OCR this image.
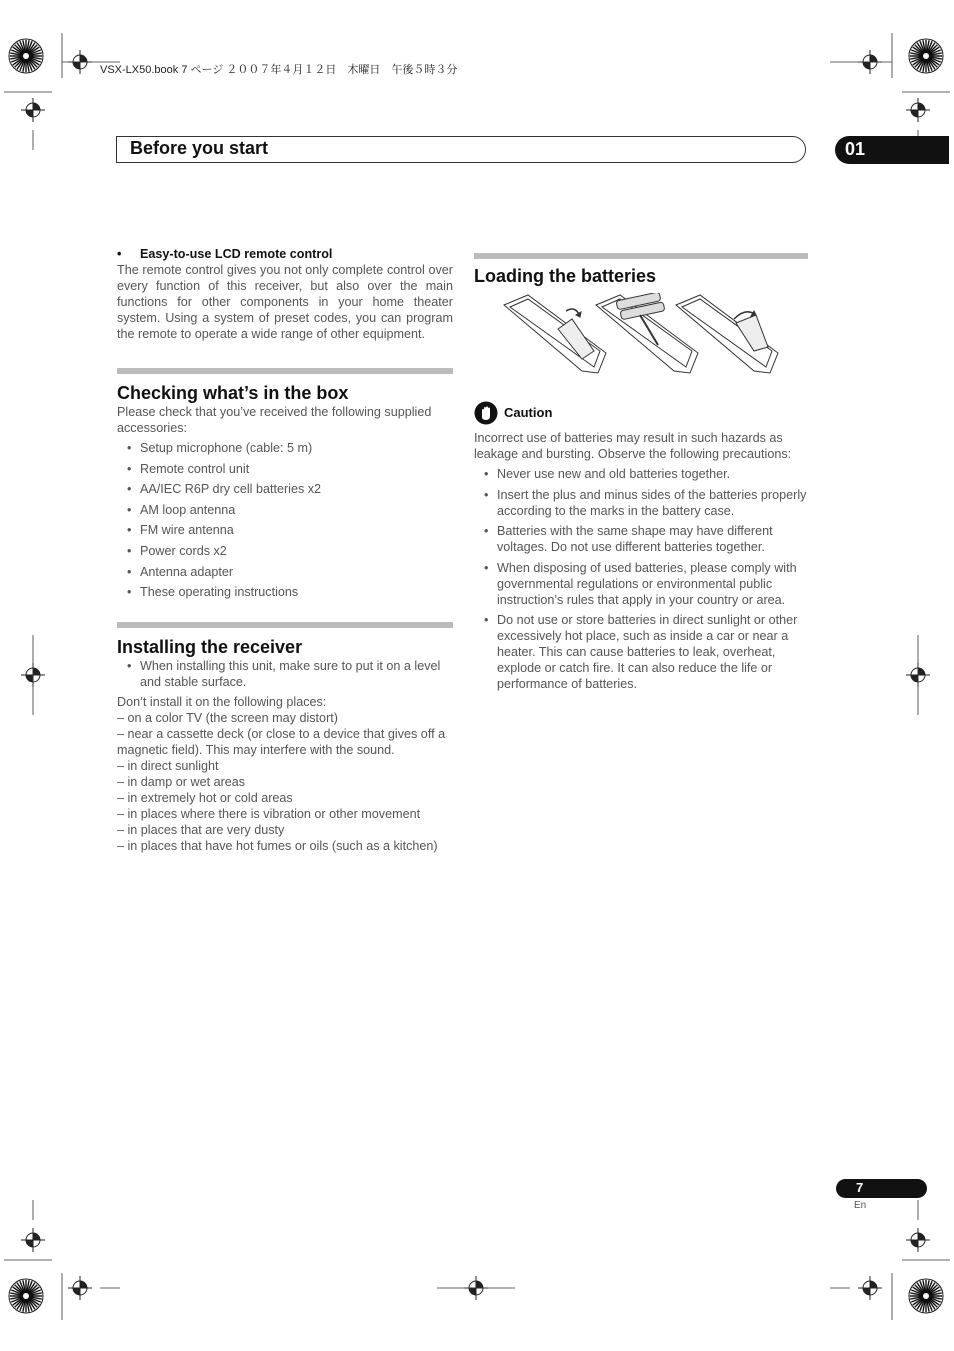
VSX-LX50.book 7 ページ ２００７年４月１２日　木曜日　午後５時３分
Before you start	01
• Easy-to-use LCD remote control

The remote control gives you not only complete control over every function of this receiver, but also over the main functions for other components in your home theater system. Using a system of preset codes, you can program the remote to operate a wide range of other equipment.

Checking what’s in the box

Please check that you’ve received the following supplied accessories:

• Setup microphone (cable: 5 m)
• Remote control unit
• AA/IEC R6P dry cell batteries x2
• AM loop antenna
• FM wire antenna
• Power cords x2
• Antenna adapter
• These operating instructions
Installing the receiver
• When installing this unit, make sure to put it on a level and stable surface.

Don’t install it on the following places:

– on a color TV (the screen may distort)

– near a cassette deck (or close to a device that gives off a magnetic field). This may interfere with the sound.

– in direct sunlight

– in damp or wet areas

– in extremely hot or cold areas

– in places where there is vibration or other movement

– in places that are very dusty

– in places that have hot fumes or oils (such as a kitchen)

Loading the batteries
Caution

Incorrect use of batteries may result in such hazards as leakage and bursting. Observe the following precautions:

• Never use new and old batteries together.
• Insert the plus and minus sides of the batteries properly according to the marks in the battery case.
• Batteries with the same shape may have different voltages. Do not use different batteries together.
• When disposing of used batteries, please comply with governmental regulations or environmental public instruction’s rules that apply in your country or area.
• Do not use or store batteries in direct sunlight or other excessively hot place, such as inside a car or near a heater. This can cause batteries to leak, overheat, explode or catch fire. It can also reduce the life or performance of batteries.
7
En
